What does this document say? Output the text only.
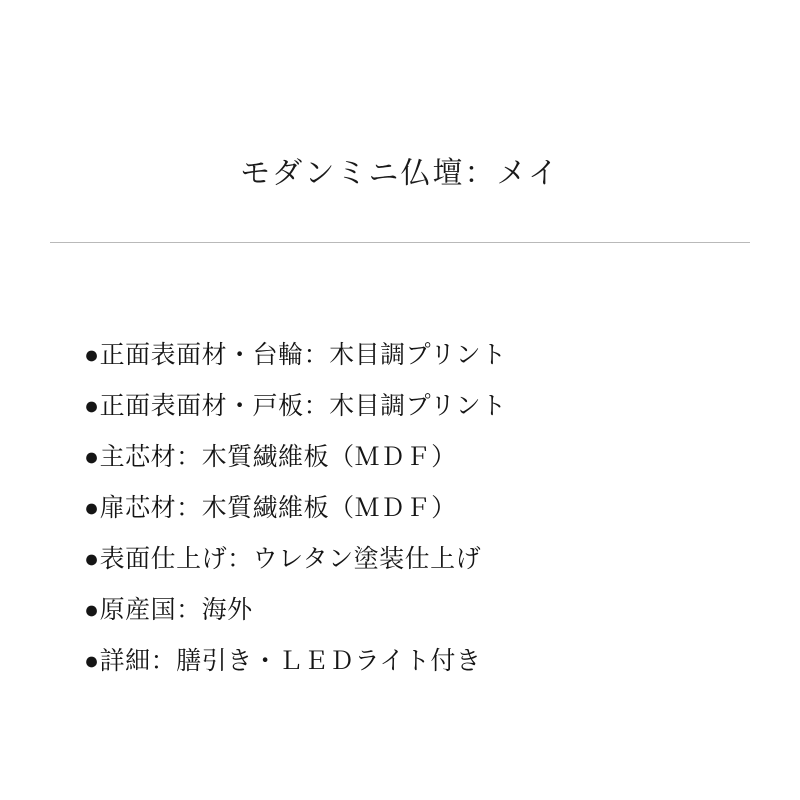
モダンミニ仏壇：メイ
●正面表面材・台輪：木目調プリント
●正面表面材・戸板：木目調プリント
●主芯材：木質繊維板（ＭＤＦ）
●扉芯材：木質繊維板（ＭＤＦ）
●表面仕上げ：ウレタン塗装仕上げ
●原産国：海外
●詳細：膳引き・ＬＥＤライト付き
